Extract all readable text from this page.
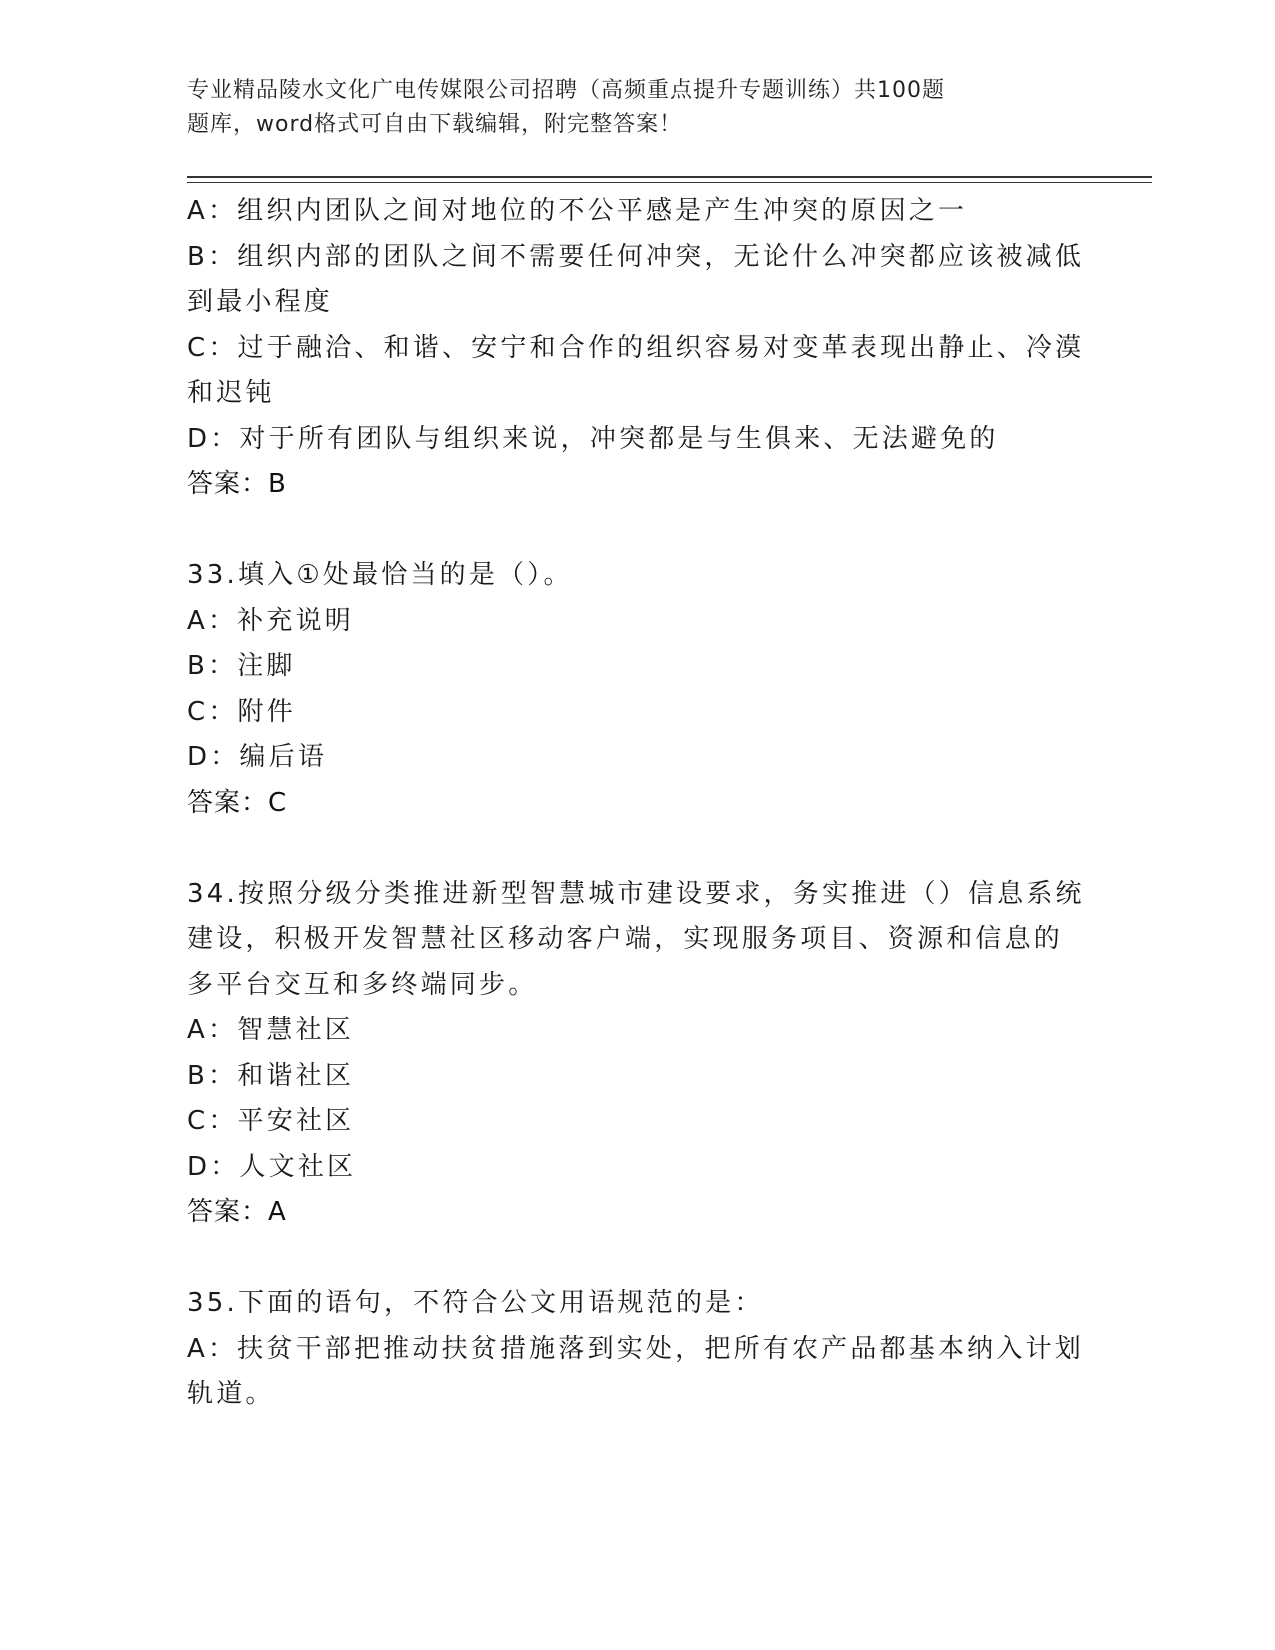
专业精品陵水文化广电传媒限公司招聘（高频重点提升专题训练）共100题
题库，word格式可自由下载编辑，附完整答案！
A：组织内团队之间对地位的不公平感是产生冲突的原因之一
B：组织内部的团队之间不需要任何冲突，无论什么冲突都应该被减低
到最小程度
C：过于融洽、和谐、安宁和合作的组织容易对变革表现出静止、冷漠
和迟钝
D：对于所有团队与组织来说，冲突都是与生俱来、无法避免的
答案：B
33.填入①处最恰当的是（）。
A：补充说明
B：注脚
C：附件
D：编后语
答案：C
34.按照分级分类推进新型智慧城市建设要求，务实推进（）信息系统
建设，积极开发智慧社区移动客户端，实现服务项目、资源和信息的
多平台交互和多终端同步。
A：智慧社区
B：和谐社区
C：平安社区
D：人文社区
答案：A
35.下面的语句，不符合公文用语规范的是：
A：扶贫干部把推动扶贫措施落到实处，把所有农产品都基本纳入计划
轨道。
